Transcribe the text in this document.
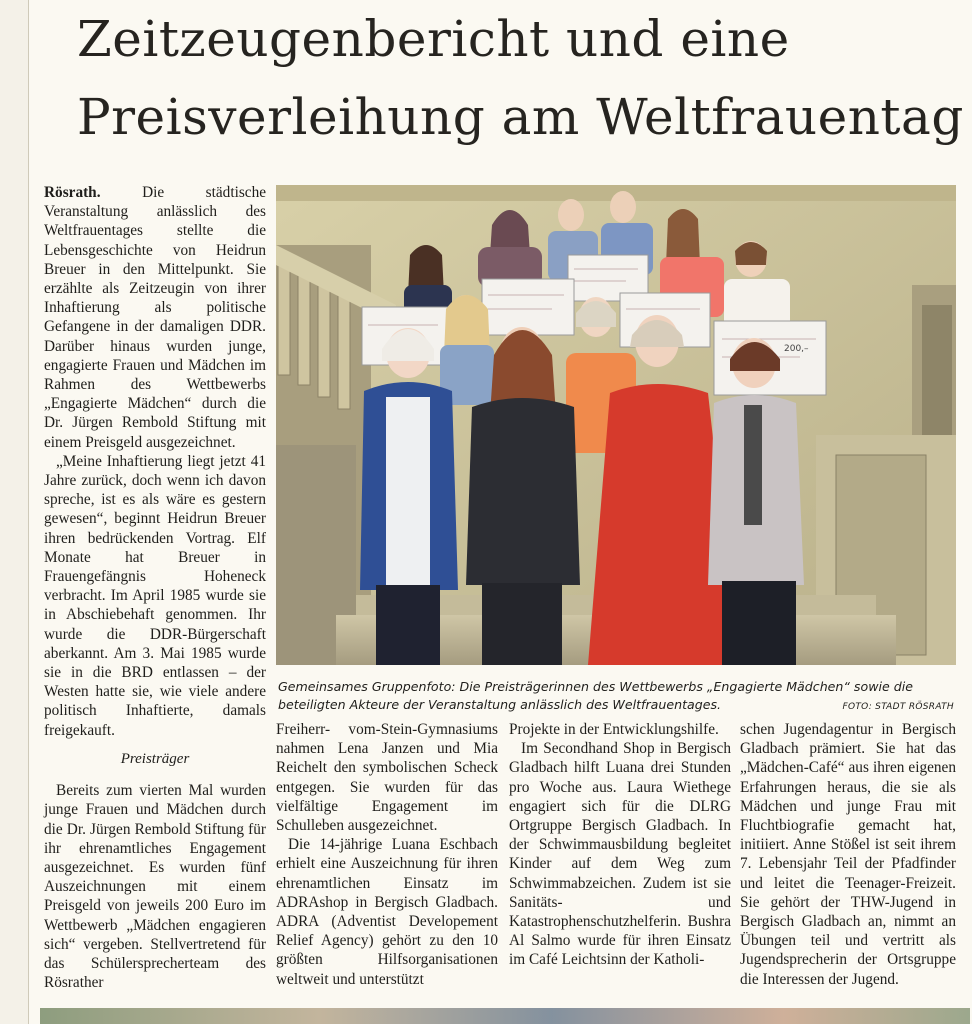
Zeitzeugenbericht und eine
Preisverleihung am Weltfrauentag

Rösrath.	Die städtische Veranstaltung anlässlich des Weltfrauentages stellte die Lebensgeschichte von Heidrun Breuer in den Mittelpunkt. Sie erzählte als Zeitzeugin von ihrer Inhaftierung als politische Gefangene in der damaligen DDR. Darüber hinaus wurden junge, engagierte Frauen und Mädchen im Rahmen des Wettbewerbs „Engagierte Mädchen“ durch die Dr. Jürgen Rembold Stiftung mit einem Preisgeld ausgezeichnet.

„Meine Inhaftierung liegt jetzt 41 Jahre zurück, doch wenn ich davon spreche, ist es als wäre es gestern gewesen“, beginnt Heidrun Breuer ihren bedrückenden Vortrag. Elf Monate hat Breuer in Frauengefängnis Hoheneck verbracht. Im April 1985 wurde sie in Abschiebehaft genommen. Ihr wurde die DDR-Bürgerschaft aberkannt. Am 3. Mai 1985 wurde sie in die BRD entlassen – der Westen hatte sie, wie viele andere politisch Inhaftierte, damals freigekauft.

Preisträger

Bereits zum vierten Mal wurden junge Frauen und Mädchen durch die Dr. Jürgen Rembold Stiftung für ihr ehrenamtliches Engagement ausgezeichnet. Es wurden fünf Auszeichnungen mit einem Preisgeld von jeweils 200 Euro im Wettbewerb „Mädchen engagieren sich“ vergeben. Stellvertretend für das Schülersprecherteam des Rösrather

200,–
Gemeinsames Gruppenfoto: Die Preisträgerinnen des Wettbewerbs „Engagierte Mädchen“ sowie die
beteiligten Akteure der Veranstaltung anlässlich des Weltfrauentages.	FOTO: STADT RÖSRATH

Freiherr- vom-Stein-Gymnasiums nahmen Lena Janzen und Mia Reichelt den symbolischen Scheck entgegen. Sie wurden für das vielfältige Engagement im Schulleben ausgezeichnet.

Die 14-jährige Luana Eschbach erhielt eine Auszeichnung für ihren ehrenamtlichen Einsatz im ADRAshop in Bergisch Gladbach. ADRA (Adventist Developement Relief Agency) gehört zu den 10 größten Hilfsorganisationen weltweit und unterstützt

Projekte in der Entwicklungshilfe.

Im Secondhand Shop in Bergisch Gladbach hilft Luana drei Stunden pro Woche aus. Laura Wiethege engagiert sich für die DLRG Ortgruppe Bergisch Gladbach. In der Schwimmausbildung begleitet Kinder auf dem Weg zum Schwimmabzeichen. Zudem ist sie Sanitäts- und Katastrophenschutzhelferin. Bushra Al Salmo wurde für ihren Einsatz im Café Leichtsinn der Katholi-

schen Jugendagentur in Bergisch Gladbach prämiert. Sie hat das „Mädchen-Café“ aus ihren eigenen Erfahrungen heraus, die sie als Mädchen und junge Frau mit Fluchtbiografie gemacht hat, initiiert. Anne Stößel ist seit ihrem 7. Lebensjahr Teil der Pfadfinder und leitet die Teenager-Freizeit. Sie gehört der THW-Jugend in Bergisch Gladbach an, nimmt an Übungen teil und vertritt als Jugendsprecherin der Ortsgruppe die Interessen der Jugend.
